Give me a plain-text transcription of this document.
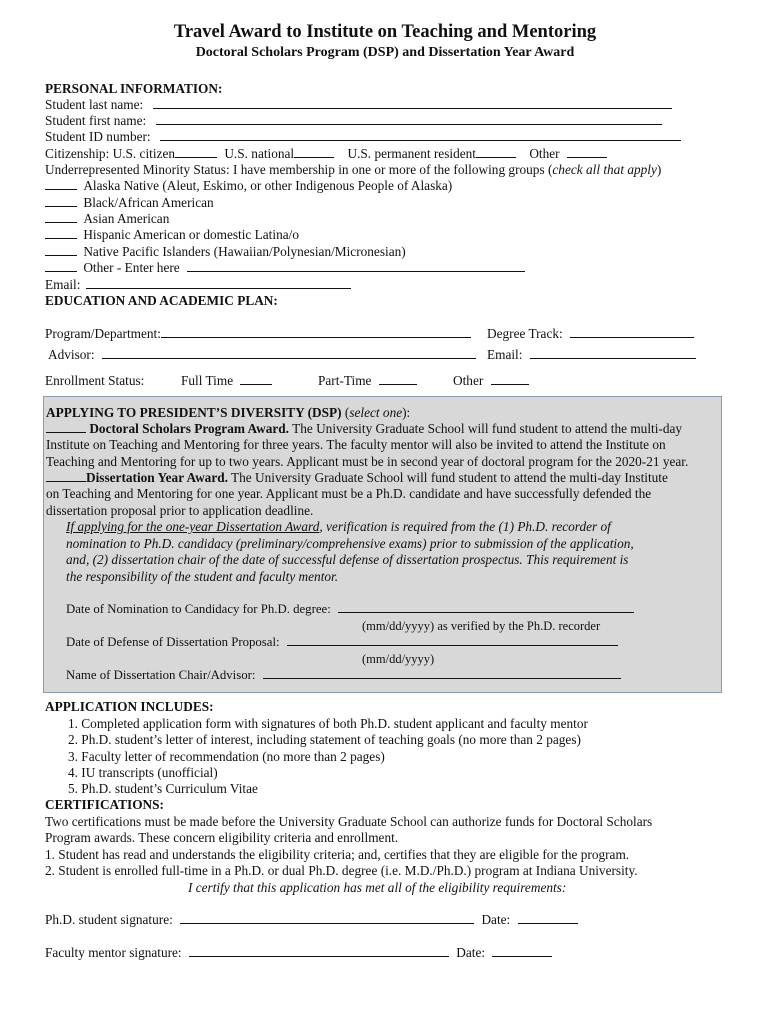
Travel Award to Institute on Teaching and Mentoring
Doctoral Scholars Program (DSP) and Dissertation Year Award
PERSONAL INFORMATION:
Student last name:
Student first name:
Student ID number:
Citizenship: U.S. citizen	U.S. national	U.S. permanent resident	Other
Underrepresented Minority Status: I have membership in one or more of the following groups (check all that apply)
Alaska Native (Aleut, Eskimo, or other Indigenous People of Alaska)
Black/African American
Asian American
Hispanic American or domestic Latina/o
Native Pacific Islanders (Hawaiian/Polynesian/Micronesian)
Other - Enter here
Email:
EDUCATION AND ACADEMIC PLAN:
Program/Department:	Degree Track:
Advisor:	Email:
Enrollment Status:	Full Time	Part-Time	Other
APPLYING TO PRESIDENT’S DIVERSITY (DSP) (select one):
Doctoral Scholars Program Award. The University Graduate School will fund student to attend the multi-day
Institute on Teaching and Mentoring for three years. The faculty mentor will also be invited to attend the Institute on
Teaching and Mentoring for up to two years. Applicant must be in second year of doctoral program for the 2020-21 year.
Dissertation Year Award. The University Graduate School will fund student to attend the multi-day Institute
on Teaching and Mentoring for one year. Applicant must be a Ph.D. candidate and have successfully defended the
dissertation proposal prior to application deadline.
If applying for the one-year Dissertation Award, verification is required from the (1) Ph.D. recorder of
nomination to Ph.D. candidacy (preliminary/comprehensive exams) prior to submission of the application,
and, (2) dissertation chair of the date of successful defense of dissertation prospectus. This requirement is
the responsibility of the student and faculty mentor.
Date of Nomination to Candidacy for Ph.D. degree:
(mm/dd/yyyy) as verified by the Ph.D. recorder
Date of Defense of Dissertation Proposal:
(mm/dd/yyyy)
Name of Dissertation Chair/Advisor:
APPLICATION INCLUDES:
1. Completed application form with signatures of both Ph.D. student applicant and faculty mentor
2. Ph.D. student’s letter of interest, including statement of teaching goals (no more than 2 pages)
3. Faculty letter of recommendation (no more than 2 pages)
4. IU transcripts (unofficial)
5. Ph.D. student’s Curriculum Vitae
CERTIFICATIONS:
Two certifications must be made before the University Graduate School can authorize funds for Doctoral Scholars
Program awards. These concern eligibility criteria and enrollment.
1. Student has read and understands the eligibility criteria; and, certifies that they are eligible for the program.
2. Student is enrolled full-time in a Ph.D. or dual Ph.D. degree (i.e. M.D./Ph.D.) program at Indiana University.
I certify that this application has met all of the eligibility requirements:
Ph.D. student signature:	Date:
Faculty mentor signature:	Date:
